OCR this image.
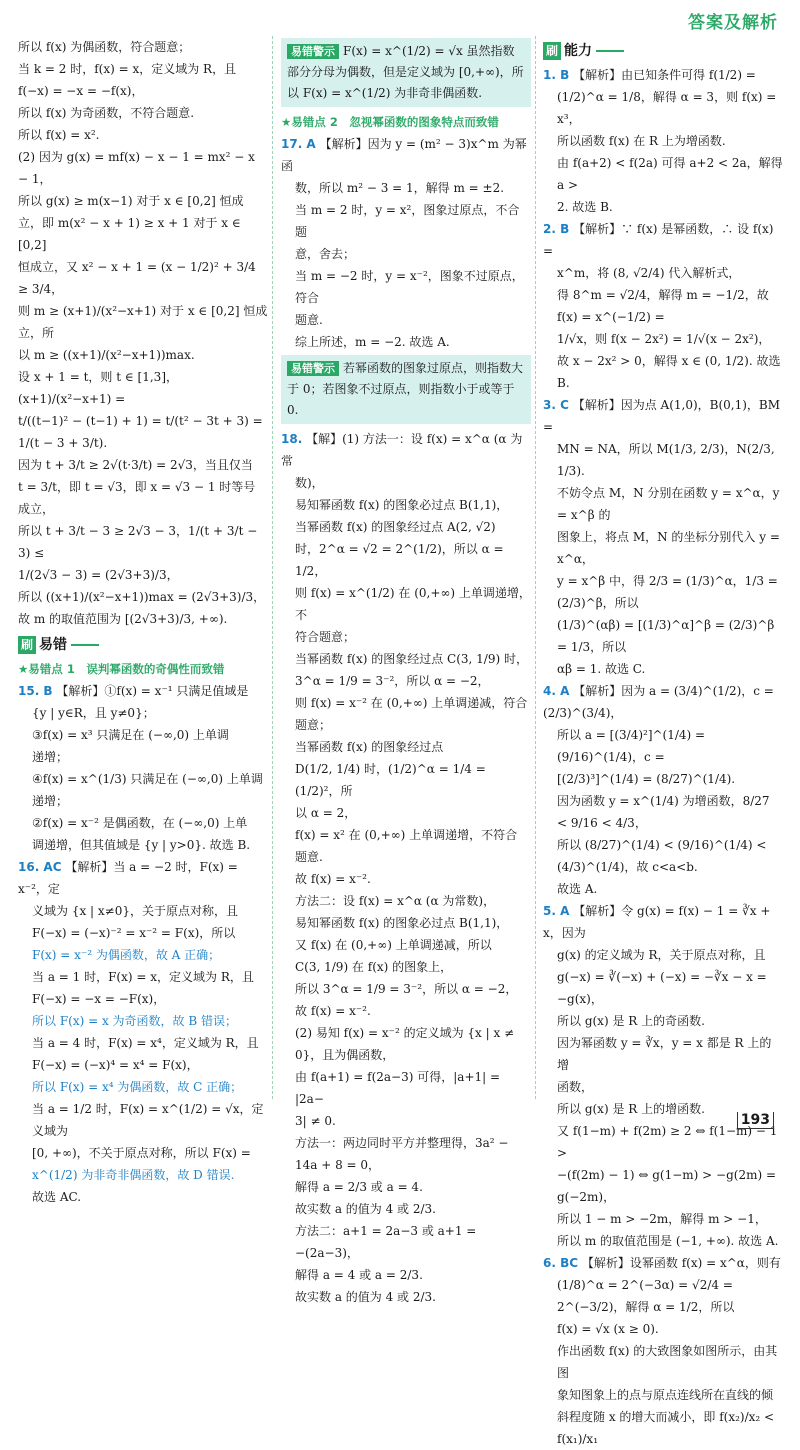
答案及解析
所以 f(x) 为偶函数，符合题意；
当 k = 2 时，f(x) = x，定义域为 R，且
f(−x) = −x = −f(x)，
所以 f(x) 为奇函数，不符合题意.
所以 f(x) = x².
(2) 因为 g(x) = mf(x) − x − 1 = mx² − x − 1，
所以 g(x) ≥ m(x−1) 对于 x ∈ [0,2] 恒成
立，即 m(x² − x + 1) ≥ x + 1 对于 x ∈ [0,2]
恒成立，又 x² − x + 1 = (x − 1/2)² + 3/4 ≥ 3/4，
则 m ≥ (x+1)/(x²−x+1) 对于 x ∈ [0,2] 恒成立，所
以 m ≥ ((x+1)/(x²−x+1))max.
设 x + 1 = t，则 t ∈ [1,3]，(x+1)/(x²−x+1) =
t/((t−1)² − (t−1) + 1) = t/(t² − 3t + 3) = 1/(t − 3 + 3/t).
因为 t + 3/t ≥ 2√(t·3/t) = 2√3，当且仅当
t = 3/t，即 t = √3，即 x = √3 − 1 时等号
成立，
所以 t + 3/t − 3 ≥ 2√3 − 3，1/(t + 3/t − 3) ≤
1/(2√3 − 3) = (2√3+3)/3，
所以 ((x+1)/(x²−x+1))max = (2√3+3)/3，
故 m 的取值范围为 [(2√3+3)/3, +∞).
刷 易错
★易错点 1　误判幂函数的奇偶性而致错
15. B 【解析】①f(x) = x⁻¹ 只满足值域是
{y | y∈R，且 y≠0}；
③f(x) = x³ 只满足在 (−∞,0) 上单调
递增；
④f(x) = x^(1/3) 只满足在 (−∞,0) 上单调
递增；
②f(x) = x⁻² 是偶函数，在 (−∞,0) 上单
调递增，但其值域是 {y | y>0}. 故选 B.
16. AC 【解析】当 a = −2 时，F(x) = x⁻²，定
义域为 {x | x≠0}，关于原点对称，且
F(−x) = (−x)⁻² = x⁻² = F(x)，所以
F(x) = x⁻² 为偶函数，故 A 正确；
当 a = 1 时，F(x) = x，定义域为 R，且
F(−x) = −x = −F(x)，
所以 F(x) = x 为奇函数，故 B 错误；
当 a = 4 时，F(x) = x⁴，定义域为 R，且
F(−x) = (−x)⁴ = x⁴ = F(x)，
所以 F(x) = x⁴ 为偶函数，故 C 正确；
当 a = 1/2 时，F(x) = x^(1/2) = √x，定义域为
[0, +∞)，不关于原点对称，所以 F(x) =
x^(1/2) 为非奇非偶函数，故 D 错误.
故选 AC.
易错警示 F(x) = x^(1/2) = √x 虽然指数部分分母为偶数，但是定义域为 [0,+∞)，所以 F(x) = x^(1/2) 为非奇非偶函数.
★易错点 2　忽视幂函数的图象特点而致错
17. A 【解析】因为 y = (m² − 3)x^m 为幂函
数，所以 m² − 3 = 1，解得 m = ±2.
当 m = 2 时，y = x²，图象过原点，不合题
意，舍去；
当 m = −2 时，y = x⁻²，图象不过原点，符合
题意.
综上所述，m = −2. 故选 A.
易错警示 若幂函数的图象过原点，则指数大于 0；若图象不过原点，则指数小于或等于 0.
18. 【解】(1) 方法一：设 f(x) = x^α (α 为常
数)，
易知幂函数 f(x) 的图象必过点 B(1,1)，
当幂函数 f(x) 的图象经过点 A(2, √2)
时，2^α = √2 = 2^(1/2)，所以 α = 1/2，
则 f(x) = x^(1/2) 在 (0,+∞) 上单调递增，不
符合题意；
当幂函数 f(x) 的图象经过点 C(3, 1/9) 时，
3^α = 1/9 = 3⁻²，所以 α = −2，
则 f(x) = x⁻² 在 (0,+∞) 上单调递减，符合
题意；
当幂函数 f(x) 的图象经过点
D(1/2, 1/4) 时，(1/2)^α = 1/4 = (1/2)²，所
以 α = 2，
f(x) = x² 在 (0,+∞) 上单调递增，不符合
题意.
故 f(x) = x⁻².
方法二：设 f(x) = x^α (α 为常数)，
易知幂函数 f(x) 的图象必过点 B(1,1)，
又 f(x) 在 (0,+∞) 上单调递减，所以
C(3, 1/9) 在 f(x) 的图象上，
所以 3^α = 1/9 = 3⁻²，所以 α = −2，
故 f(x) = x⁻².
(2) 易知 f(x) = x⁻² 的定义域为 {x | x ≠
0}，且为偶函数，
由 f(a+1) = f(2a−3) 可得，|a+1| = |2a−
3| ≠ 0.
方法一：两边同时平方并整理得，3a² −
14a + 8 = 0，
解得 a = 2/3 或 a = 4.
故实数 a 的值为 4 或 2/3.
方法二：a+1 = 2a−3 或 a+1 = −(2a−3)，
解得 a = 4 或 a = 2/3.
故实数 a 的值为 4 或 2/3.
刷 能力
1. B 【解析】由已知条件可得 f(1/2) =
(1/2)^α = 1/8，解得 α = 3，则 f(x) = x³，
所以函数 f(x) 在 R 上为增函数.
由 f(a+2) < f(2a) 可得 a+2 < 2a，解得 a >
2. 故选 B.
2. B 【解析】∵ f(x) 是幂函数，∴ 设 f(x) =
x^m，将 (8, √2/4) 代入解析式，
得 8^m = √2/4，解得 m = −1/2，故 f(x) = x^(−1/2) =
1/√x，则 f(x − 2x²) = 1/√(x − 2x²)，
故 x − 2x² > 0，解得 x ∈ (0, 1/2). 故选 B.
3. C 【解析】因为点 A(1,0)，B(0,1)，BM =
MN = NA，所以 M(1/3, 2/3)，N(2/3, 1/3).
不妨令点 M，N 分别在函数 y = x^α，y = x^β 的
图象上，将点 M，N 的坐标分别代入 y = x^α，
y = x^β 中，得 2/3 = (1/3)^α，1/3 = (2/3)^β，所以
(1/3)^(αβ) = [(1/3)^α]^β = (2/3)^β = 1/3，所以
αβ = 1. 故选 C.
4. A 【解析】因为 a = (3/4)^(1/2)，c = (2/3)^(3/4)，
所以 a = [(3/4)²]^(1/4) = (9/16)^(1/4)，c =
[(2/3)³]^(1/4) = (8/27)^(1/4).
因为函数 y = x^(1/4) 为增函数，8/27 < 9/16 < 4/3，
所以 (8/27)^(1/4) < (9/16)^(1/4) < (4/3)^(1/4)，故 c<a<b.
故选 A.
5. A 【解析】令 g(x) = f(x) − 1 = ∛x + x，因为
g(x) 的定义域为 R，关于原点对称，且
g(−x) = ∛(−x) + (−x) = −∛x − x = −g(x)，
所以 g(x) 是 R 上的奇函数.
因为幂函数 y = ∛x，y = x 都是 R 上的增
函数，
所以 g(x) 是 R 上的增函数.
又 f(1−m) + f(2m) ≥ 2 ⇔ f(1−m) − 1 >
−(f(2m) − 1) ⇔ g(1−m) > −g(2m) =
g(−2m)，
所以 1 − m > −2m，解得 m > −1，
所以 m 的取值范围是 (−1, +∞). 故选 A.
6. BC 【解析】设幂函数 f(x) = x^α，则有
(1/8)^α = 2^(−3α) = √2/4 = 2^(−3/2)，解得 α = 1/2，所以
f(x) = √x (x ≥ 0).
作出函数 f(x) 的大致图象如图所示，由其图
象知图象上的点与原点连线所在直线的倾
斜程度随 x 的增大而减小，即 f(x₂)/x₂ < f(x₁)/x₁
193
